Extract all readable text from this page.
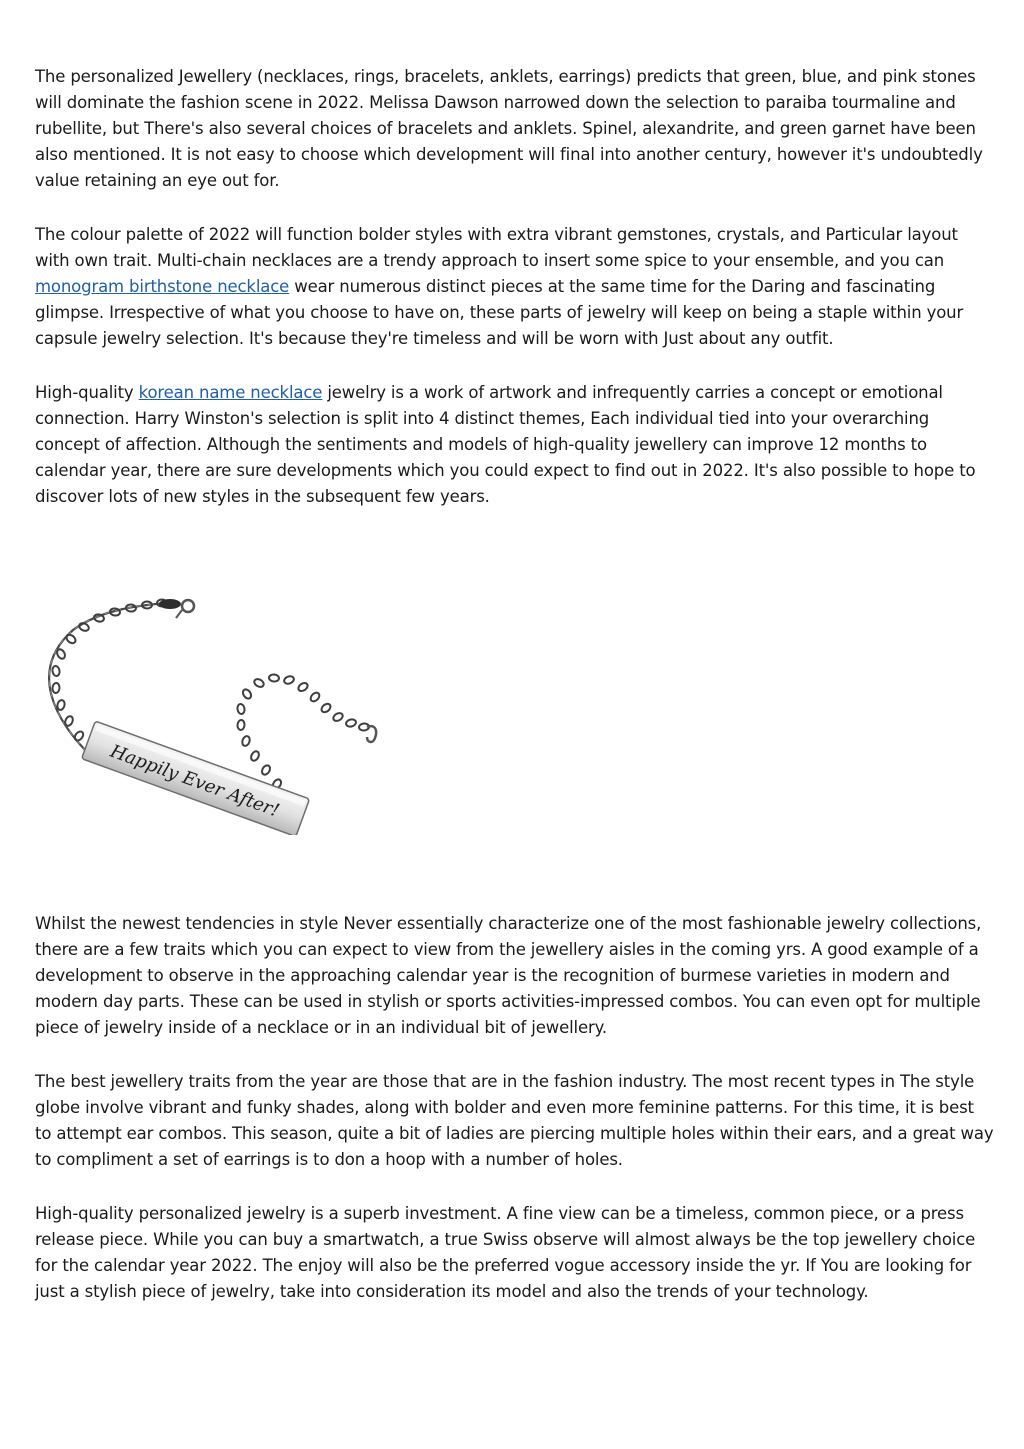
The personalized Jewellery (necklaces, rings, bracelets, anklets, earrings) predicts that green, blue, and pink stones will dominate the fashion scene in 2022. Melissa Dawson narrowed down the selection to paraiba tourmaline and rubellite, but There's also several choices of bracelets and anklets. Spinel, alexandrite, and green garnet have been also mentioned. It is not easy to choose which development will final into another century, however it's undoubtedly value retaining an eye out for.

The colour palette of 2022 will function bolder styles with extra vibrant gemstones, crystals, and Particular layout with own trait. Multi-chain necklaces are a trendy approach to insert some spice to your ensemble, and you can monogram birthstone necklace wear numerous distinct pieces at the same time for the Daring and fascinating glimpse. Irrespective of what you choose to have on, these parts of jewelry will keep on being a staple within your capsule jewelry selection. It's because they're timeless and will be worn with Just about any outfit.

High-quality korean name necklace jewelry is a work of artwork and infrequently carries a concept or emotional connection. Harry Winston's selection is split into 4 distinct themes, Each individual tied into your overarching concept of affection. Although the sentiments and models of high-quality jewellery can improve 12 months to calendar year, there are sure developments which you could expect to find out in 2022. It's also possible to hope to discover lots of new styles in the subsequent few years.

Happily Ever After!

Whilst the newest tendencies in style Never essentially characterize one of the most fashionable jewelry collections, there are a few traits which you can expect to view from the jewellery aisles in the coming yrs. A good example of a development to observe in the approaching calendar year is the recognition of burmese varieties in modern and modern day parts. These can be used in stylish or sports activities-impressed combos. You can even opt for multiple piece of jewelry inside of a necklace or in an individual bit of jewellery.

The best jewellery traits from the year are those that are in the fashion industry. The most recent types in The style globe involve vibrant and funky shades, along with bolder and even more feminine patterns. For this time, it is best to attempt ear combos. This season, quite a bit of ladies are piercing multiple holes within their ears, and a great way to compliment a set of earrings is to don a hoop with a number of holes.

High-quality personalized jewelry is a superb investment. A fine view can be a timeless, common piece, or a press release piece. While you can buy a smartwatch, a true Swiss observe will almost always be the top jewellery choice for the calendar year 2022. The enjoy will also be the preferred vogue accessory inside the yr. If You are looking for just a stylish piece of jewelry, take into consideration its model and also the trends of your technology.
